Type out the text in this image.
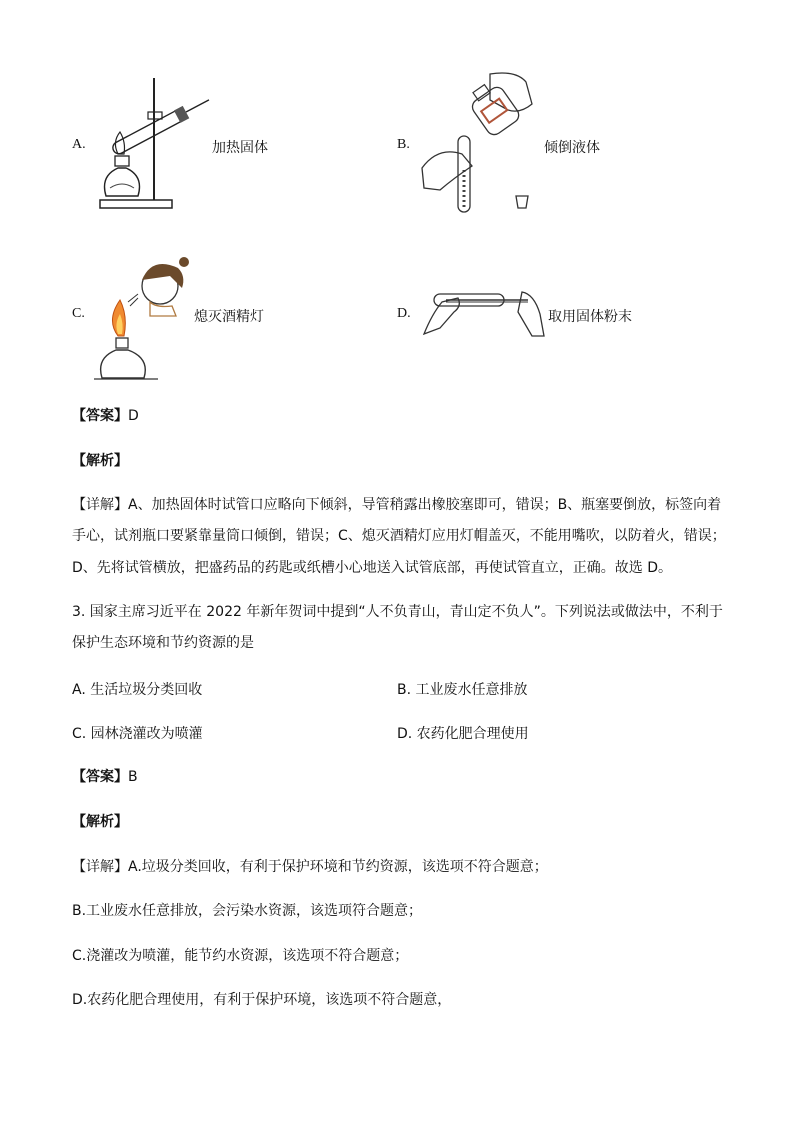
A.	加热固体	B.	倾倒液体
C.	熄灭酒精灯	D.	取用固体粉末
【答案】D
【解析】
【详解】A、加热固体时试管口应略向下倾斜，导管稍露出橡胶塞即可，错误；B、瓶塞要倒放，标签向着
手心，试剂瓶口要紧靠量筒口倾倒，错误；C、熄灭酒精灯应用灯帽盖灭，不能用嘴吹，以防着火，错误；
D、先将试管横放，把盛药品的药匙或纸槽小心地送入试管底部，再使试管直立，正确。故选 D。
3. 国家主席习近平在 2022 年新年贺词中提到“人不负青山，青山定不负人”。下列说法或做法中，不利于
保护生态环境和节约资源的是
A. 生活垃圾分类回收	B. 工业废水任意排放
C. 园林浇灌改为喷灌	D. 农药化肥合理使用
【答案】B
【解析】
【详解】A.垃圾分类回收，有利于保护环境和节约资源，该选项不符合题意；
B.工业废水任意排放，会污染水资源，该选项符合题意；
C.浇灌改为喷灌，能节约水资源，该选项不符合题意；
D.农药化肥合理使用，有利于保护环境，该选项不符合题意，
